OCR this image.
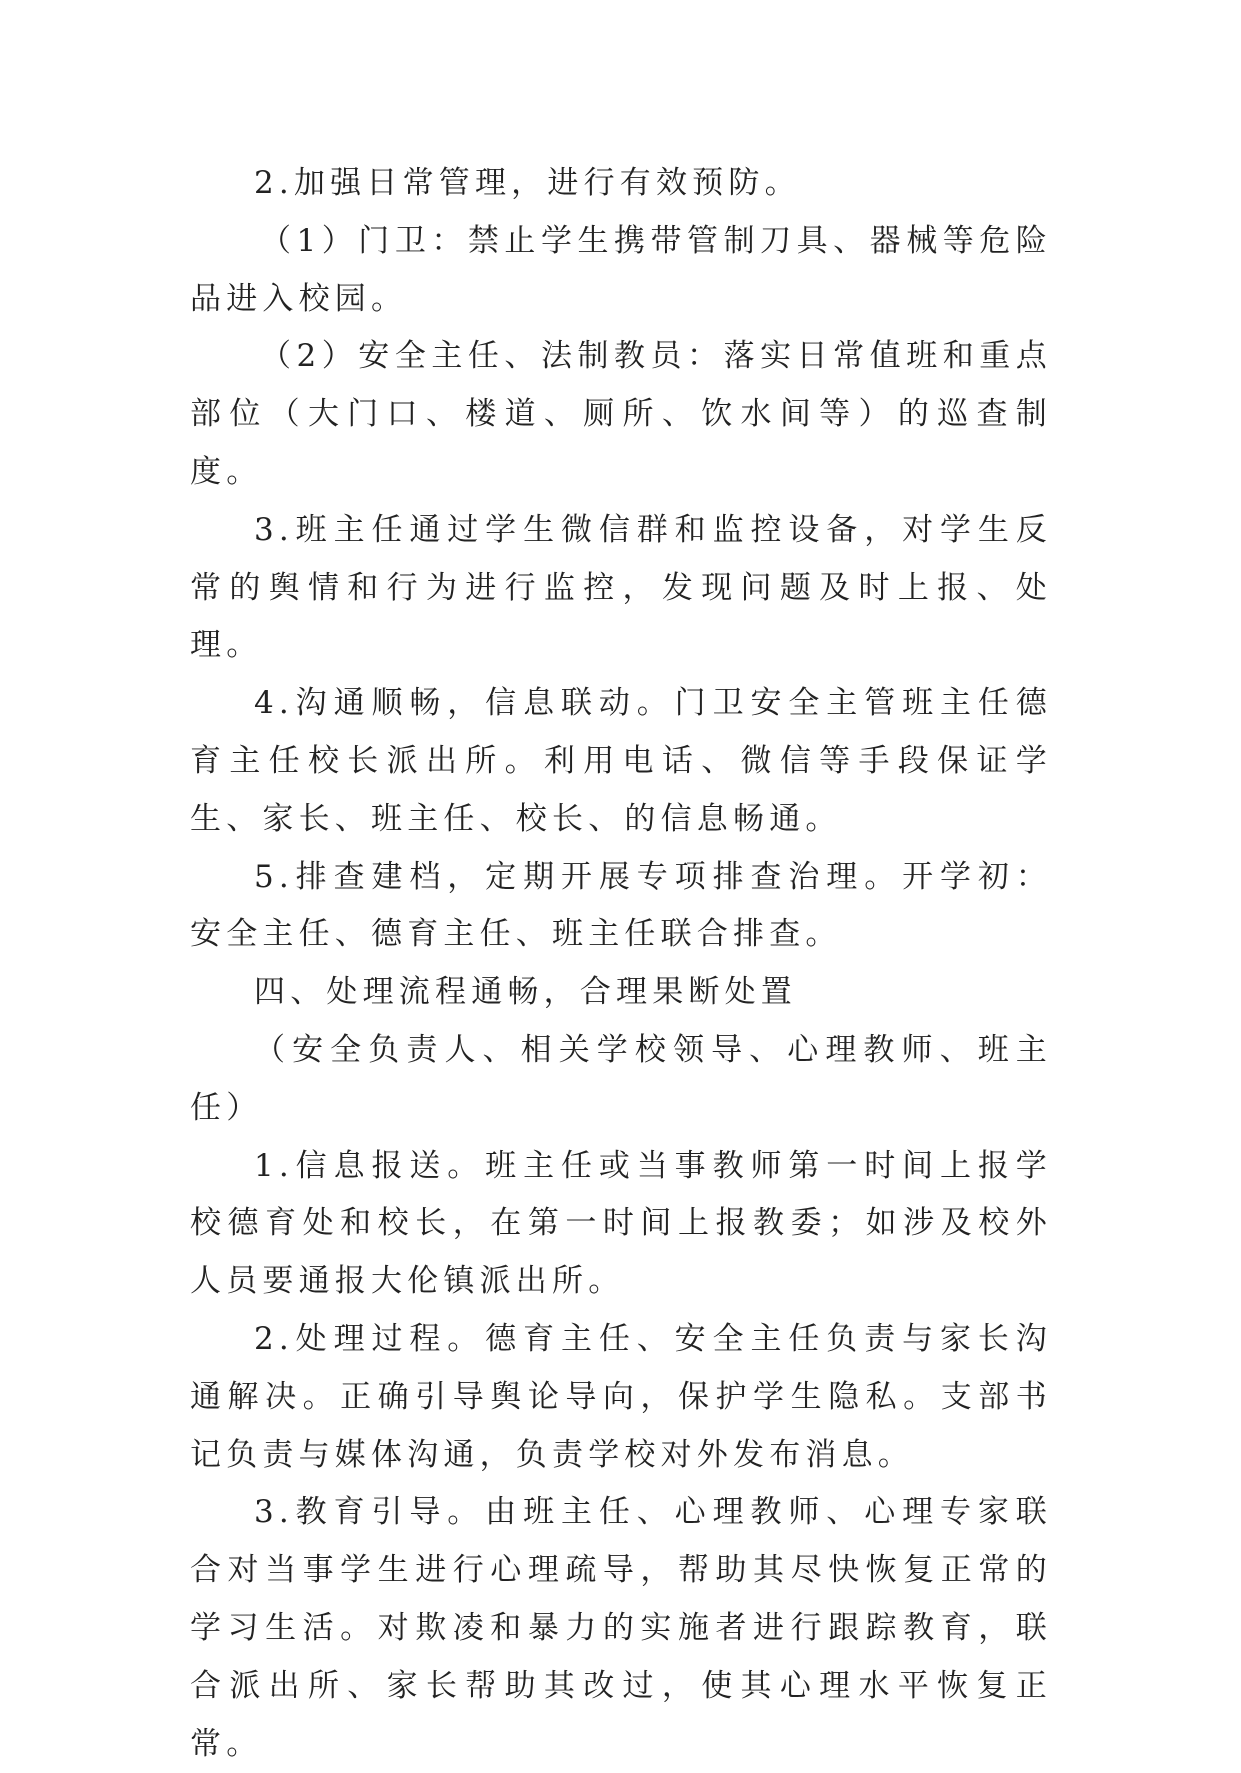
2.加强日常管理，进行有效预防。

（1）门卫：禁止学生携带管制刀具、器械等危险品进入校园。

（2）安全主任、法制教员：落实日常值班和重点部位（大门口、楼道、厕所、饮水间等）的巡查制度。

3.班主任通过学生微信群和监控设备，对学生反常的舆情和行为进行监控，发现问题及时上报、处理。

4.沟通顺畅，信息联动。门卫安全主管班主任德育主任校长派出所。利用电话、微信等手段保证学生、家长、班主任、校长、的信息畅通。

5.排查建档，定期开展专项排查治理。开学初：安全主任、德育主任、班主任联合排查。

四、处理流程通畅，合理果断处置

（安全负责人、相关学校领导、心理教师、班主任）

1.信息报送。班主任或当事教师第一时间上报学校德育处和校长，在第一时间上报教委；如涉及校外人员要通报大伦镇派出所。

2.处理过程。德育主任、安全主任负责与家长沟通解决。正确引导舆论导向，保护学生隐私。支部书记负责与媒体沟通，负责学校对外发布消息。

3.教育引导。由班主任、心理教师、心理专家联合对当事学生进行心理疏导，帮助其尽快恢复正常的学习生活。对欺凌和暴力的实施者进行跟踪教育，联合派出所、家长帮助其改过，使其心理水平恢复正常。
